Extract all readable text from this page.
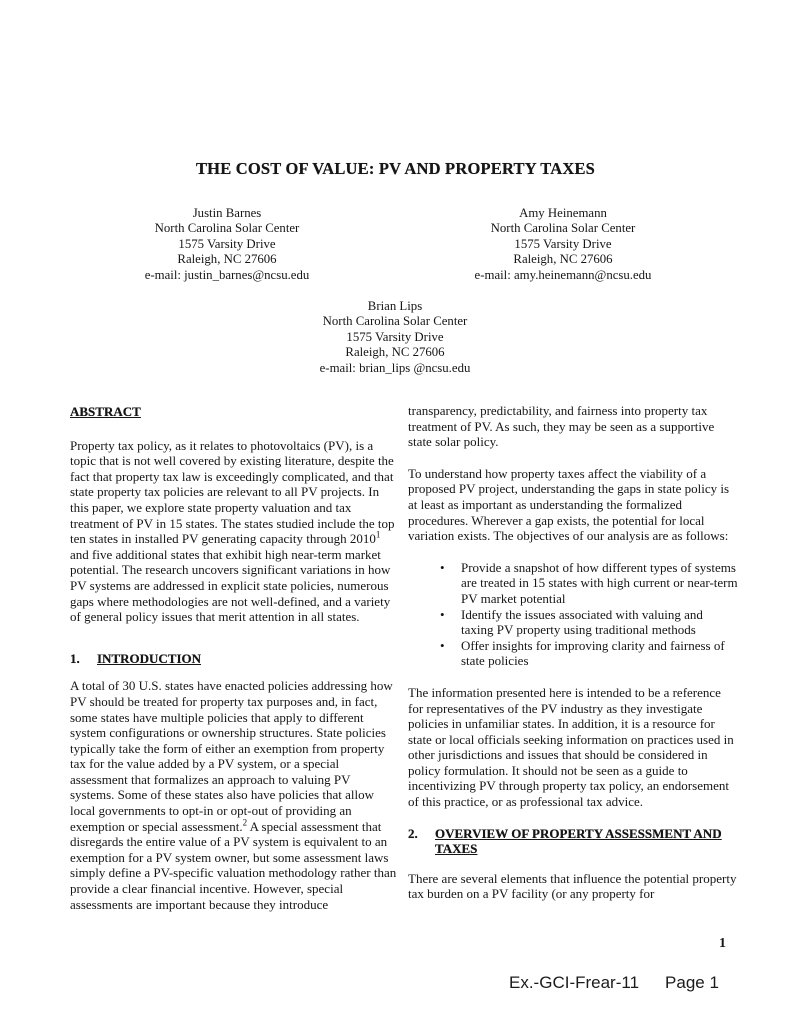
THE COST OF VALUE: PV AND PROPERTY TAXES
Justin Barnes
North Carolina Solar Center
1575 Varsity Drive
Raleigh, NC 27606
e-mail: justin_barnes@ncsu.edu
Amy Heinemann
North Carolina Solar Center
1575 Varsity Drive
Raleigh, NC 27606
e-mail: amy.heinemann@ncsu.edu
Brian Lips
North Carolina Solar Center
1575 Varsity Drive
Raleigh, NC 27606
e-mail: brian_lips @ncsu.edu
ABSTRACT

Property tax policy, as it relates to photovoltaics (PV), is a topic that is not well covered by existing literature, despite the fact that property tax law is exceedingly complicated, and that state property tax policies are relevant to all PV projects. In this paper, we explore state property valuation and tax treatment of PV in 15 states. The states studied include the top ten states in installed PV generating capacity through 2010$^1$ and five additional states that exhibit high near-term market potential. The research uncovers significant variations in how PV systems are addressed in explicit state policies, numerous gaps where methodologies are not well-defined, and a variety of general policy issues that merit attention in all states.

1.	INTRODUCTION

A total of 30 U.S. states have enacted policies addressing how PV should be treated for property tax purposes and, in fact, some states have multiple policies that apply to different system configurations or ownership structures. State policies typically take the form of either an exemption from property tax for the value added by a PV system, or a special assessment that formalizes an approach to valuing PV systems. Some of these states also have policies that allow local governments to opt-in or opt-out of providing an exemption or special assessment.$^2$ A special assessment that disregards the entire value of a PV system is equivalent to an exemption for a PV system owner, but some assessment laws simply define a PV-specific valuation methodology rather than provide a clear financial incentive. However, special assessments are important because they introduce

transparency, predictability, and fairness into property tax treatment of PV. As such, they may be seen as a supportive state solar policy.

To understand how property taxes affect the viability of a proposed PV project, understanding the gaps in state policy is at least as important as understanding the formalized procedures. Wherever a gap exists, the potential for local variation exists. The objectives of our analysis are as follows:

•	Provide a snapshot of how different types of systems are treated in 15 states with high current or near-term PV market potential
•	Identify the issues associated with valuing and taxing PV property using traditional methods
•	Offer insights for improving clarity and fairness of state policies

The information presented here is intended to be a reference for representatives of the PV industry as they investigate policies in unfamiliar states. In addition, it is a resource for state or local officials seeking information on practices used in other jurisdictions and issues that should be considered in policy formulation. It should not be seen as a guide to incentivizing PV through property tax policy, an endorsement of this practice, or as professional tax advice.

2.	OVERVIEW OF PROPERTY ASSESSMENT AND TAXES

There are several elements that influence the potential property tax burden on a PV facility (or any property for

1
Ex.-GCI-Frear-11 Page 1
